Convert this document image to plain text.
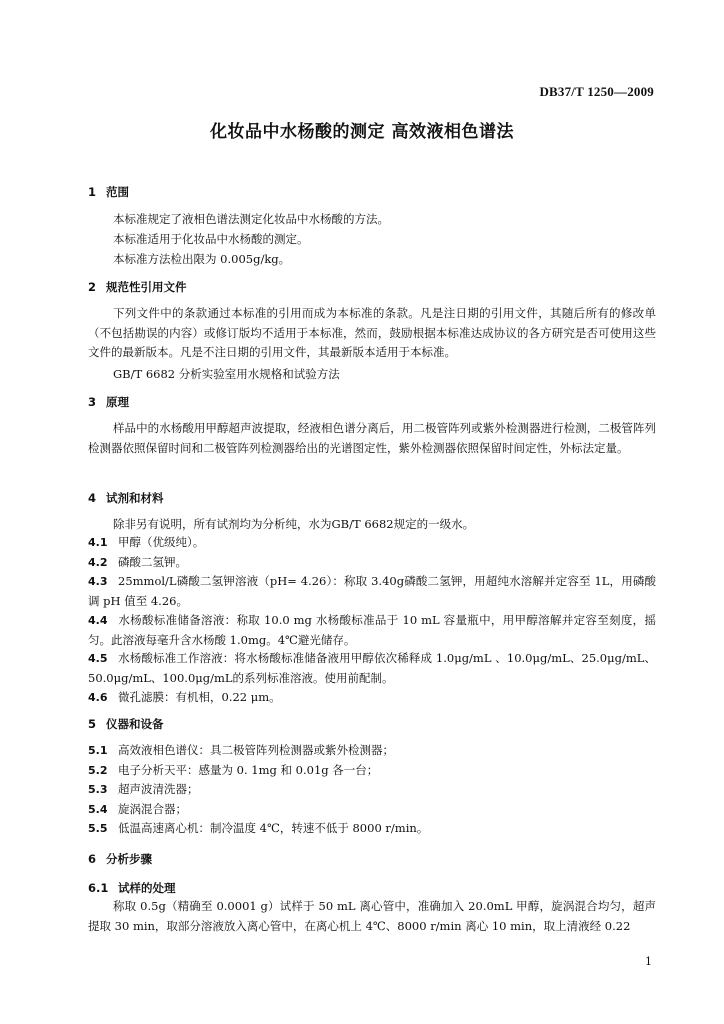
DB37/T 1250—2009
化妆品中水杨酸的测定 高效液相色谱法
1 范围
本标准规定了液相色谱法测定化妆品中水杨酸的方法。
本标准适用于化妆品中水杨酸的测定。
本标准方法检出限为 0.005g/kg。
2 规范性引用文件
下列文件中的条款通过本标准的引用而成为本标准的条款。凡是注日期的引用文件，其随后所有的修改单（不包括勘误的内容）或修订版均不适用于本标准，然而，鼓励根据本标准达成协议的各方研究是否可使用这些文件的最新版本。凡是不注日期的引用文件，其最新版本适用于本标准。
GB/T 6682 分析实验室用水规格和试验方法
3 原理
样品中的水杨酸用甲醇超声波提取，经液相色谱分离后，用二极管阵列或紫外检测器进行检测，二极管阵列检测器依照保留时间和二极管阵列检测器给出的光谱图定性，紫外检测器依照保留时间定性，外标法定量。
4 试剂和材料
除非另有说明，所有试剂均为分析纯，水为GB/T 6682规定的一级水。
4.1 甲醇（优级纯）。
4.2 磷酸二氢钾。
4.3 25mmol/L磷酸二氢钾溶液（pH= 4.26）：称取 3.40g磷酸二氢钾，用超纯水溶解并定容至 1L，用磷酸调 pH 值至 4.26。
4.4 水杨酸标准储备溶液：称取 10.0 mg 水杨酸标准品于 10 mL 容量瓶中，用甲醇溶解并定容至刻度，摇匀。此溶液每毫升含水杨酸 1.0mg。4℃避光储存。
4.5 水杨酸标准工作溶液：将水杨酸标准储备液用甲醇依次稀释成 1.0μg/mL 、10.0μg/mL、25.0μg/mL、50.0μg/mL、100.0μg/mL的系列标准溶液。使用前配制。
4.6 微孔滤膜：有机相，0.22 μm。
5 仪器和设备
5.1 高效液相色谱仪：具二极管阵列检测器或紫外检测器；
5.2 电子分析天平：感量为 0. 1mg 和 0.01g 各一台；
5.3 超声波清洗器；
5.4 旋涡混合器；
5.5 低温高速离心机：制冷温度 4℃，转速不低于 8000 r/min。
6 分析步骤
6.1 试样的处理
称取 0.5g（精确至 0.0001 g）试样于 50 mL 离心管中，准确加入 20.0mL 甲醇，旋涡混合均匀，超声提取 30 min，取部分溶液放入离心管中，在离心机上 4℃、8000 r/min 离心 10 min，取上清液经 0.22
1
